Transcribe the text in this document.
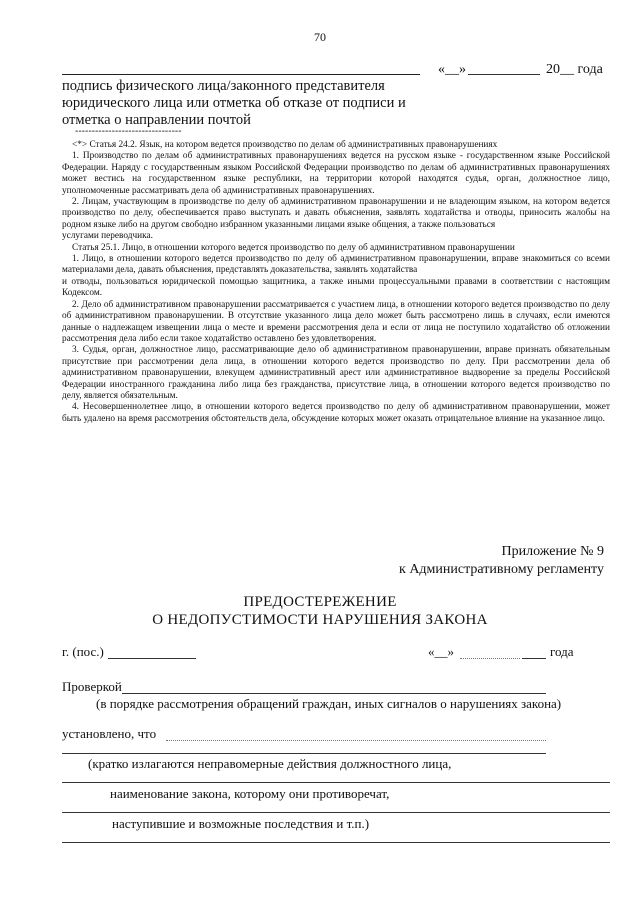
70
«__»	20__ года
подпись физического лица/законного представителя юридического лица или отметка об отказе от подписи и отметка о направлении почтой
--------------------------------

<*> Статья 24.2. Язык, на котором ведется производство по делам об административных правонарушениях

1. Производство по делам об административных правонарушениях ведется на русском языке - государственном языке Российской Федерации. Наряду с государственным языком Российской Федерации производство по делам об административных правонарушениях может вестись на государственном языке республики, на территории которой находятся судья, орган, должностное лицо, уполномоченные рассматривать дела об административных правонарушениях.

2. Лицам, участвующим в производстве по делу об административном правонарушении и не владеющим языком, на котором ведется производство по делу, обеспечивается право выступать и давать объяснения, заявлять ходатайства и отводы, приносить жалобы на родном языке либо на другом свободно избранном указанными лицами языке общения, а также пользоваться

услугами переводчика.

Статья 25.1. Лицо, в отношении которого ведется производство по делу об административном правонарушении

1. Лицо, в отношении которого ведется производство по делу об административном правонарушении, вправе знакомиться со всеми материалами дела, давать объяснения, представлять доказательства, заявлять ходатайства

и отводы, пользоваться юридической помощью защитника, а также иными процессуальными правами в соответствии с настоящим Кодексом.

2. Дело об административном правонарушении рассматривается с участием лица, в отношении которого ведется производство по делу об административном правонарушении. В отсутствие указанного лица дело может быть рассмотрено лишь в случаях, если имеются данные о надлежащем извещении лица о месте и времени рассмотрения дела и если от лица не поступило ходатайство об отложении рассмотрения дела либо если такое ходатайство оставлено без удовлетворения.

3. Судья, орган, должностное лицо, рассматривающие дело об административном правонарушении, вправе признать обязательным присутствие при рассмотрении дела лица, в отношении которого ведется производство по делу. При рассмотрении дела об административном правонарушении, влекущем административный арест или административное выдворение за пределы Российской Федерации иностранного гражданина либо лица без гражданства, присутствие лица, в отношении которого ведется производство по делу, является обязательным.

4. Несовершеннолетнее лицо, в отношении которого ведется производство по делу об административном правонарушении, может быть удалено на время рассмотрения обстоятельств дела, обсуждение которых может оказать отрицательное влияние на указанное лицо.

Приложение № 9
к Административному регламенту
ПРЕДОСТЕРЕЖЕНИЕ
О НЕДОПУСТИМОСТИ НАРУШЕНИЯ ЗАКОНА
г. (пос.)	«__»	года
Проверкой
(в порядке рассмотрения обращений граждан, иных сигналов о нарушениях закона)
установлено, что
(кратко излагаются неправомерные действия должностного лица,
наименование закона, которому они противоречат,
наступившие и возможные последствия и т.п.)
